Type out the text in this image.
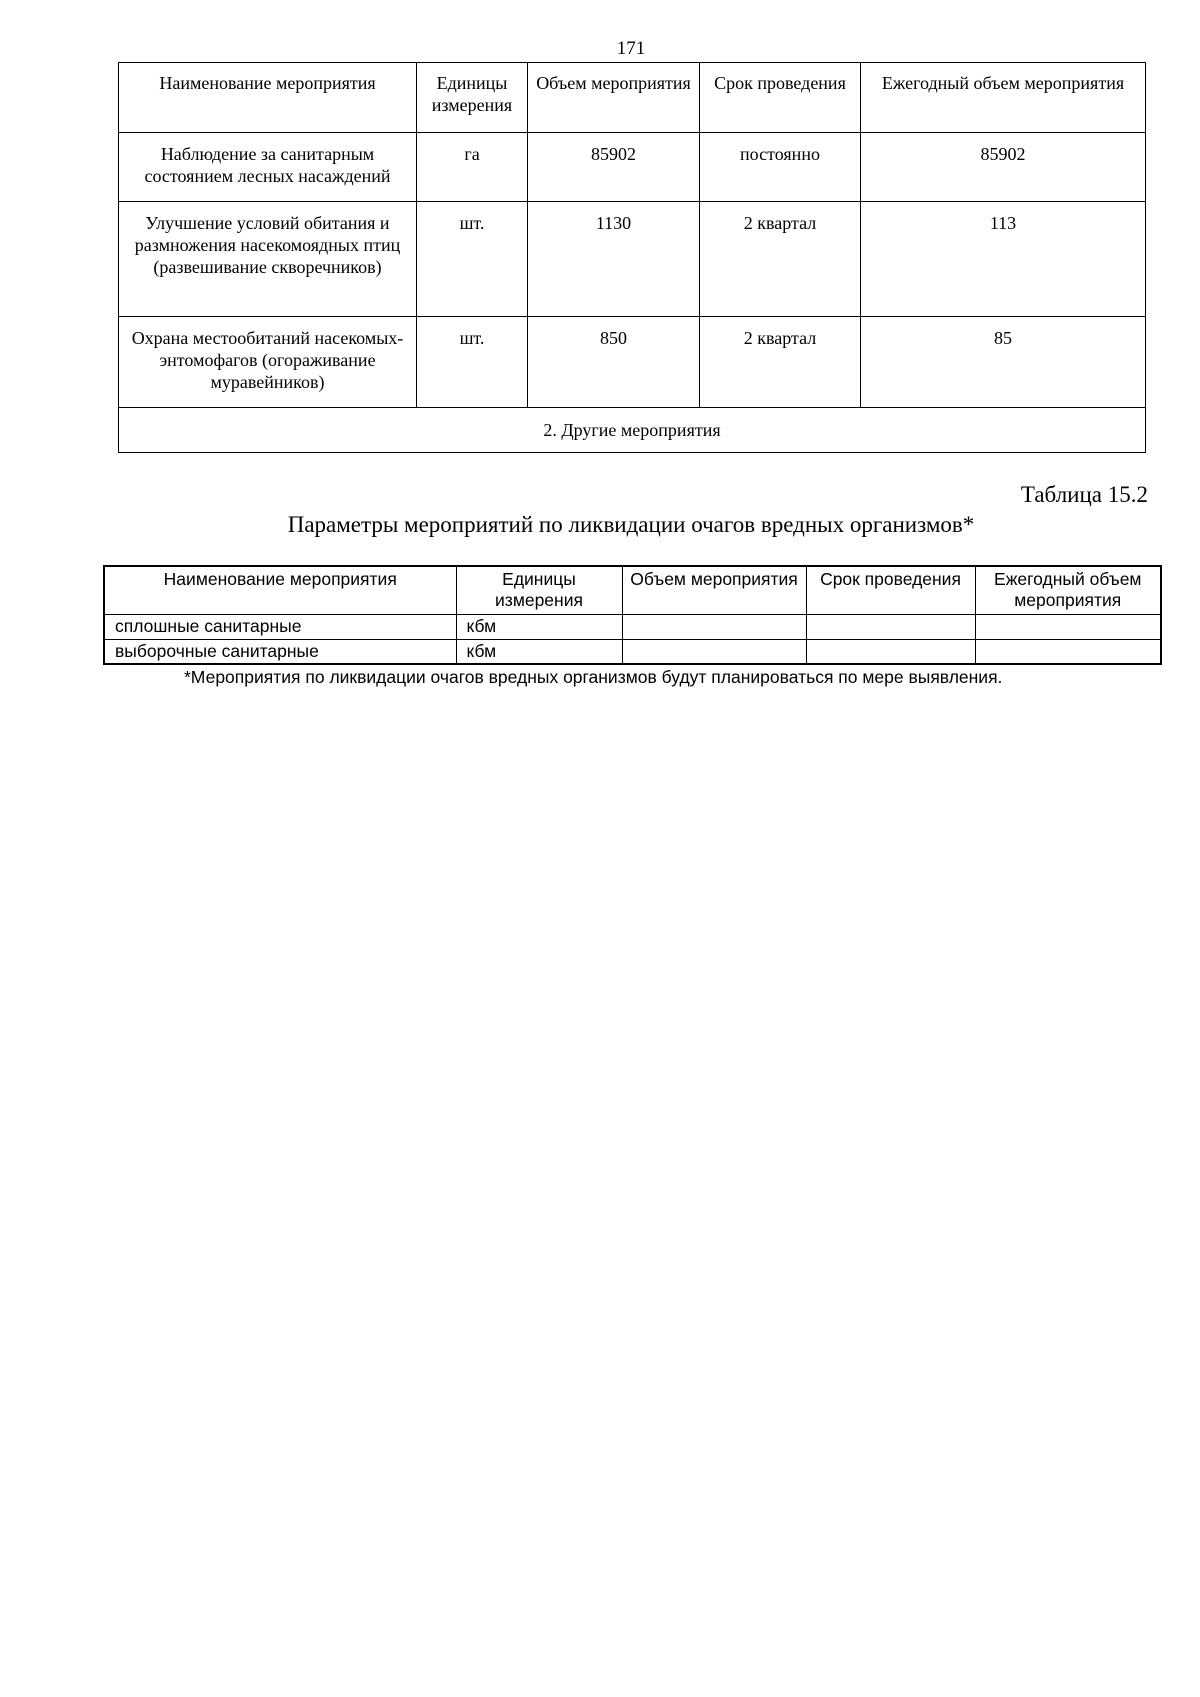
171
Наименование мероприятия	Единицы измерения	Объем мероприятия	Срок проведения	Ежегодный объем мероприятия
Наблюдение за санитарным состоянием лесных насаждений	га	85902	постоянно	85902
Улучшение условий обитания и размножения насекомоядных птиц (развешивание скворечников)	шт.	1130	2 квартал	113
Охрана местообитаний насекомых-энтомофагов (огораживание муравейников)	шт.	850	2 квартал	85
2. Другие мероприятия				
Таблица 15.2
Параметры мероприятий по ликвидации очагов вредных организмов*
Наименование мероприятия	Единицы измерения	Объем мероприятия	Срок проведения	Ежегодный объем мероприятия
сплошные санитарные	кбм			
выборочные санитарные	кбм			
*Мероприятия по ликвидации очагов вредных организмов будут планироваться по мере выявления.
